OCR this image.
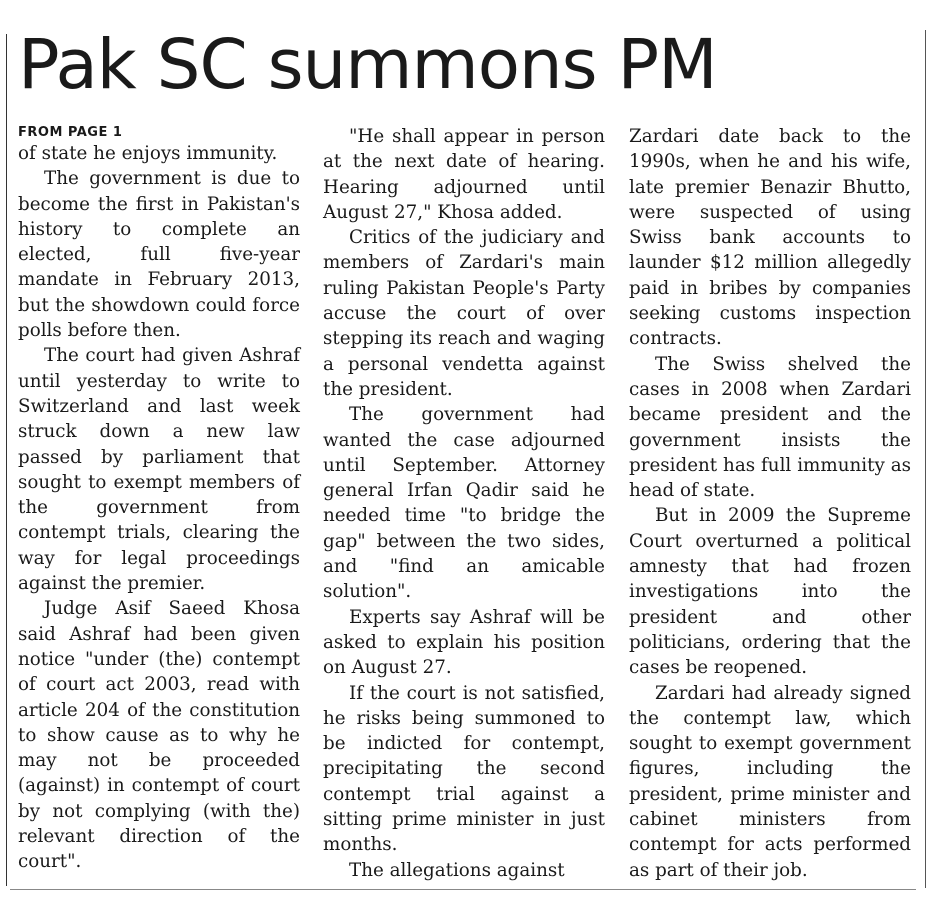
Pak SC summons PM
FROM PAGE 1

of state he enjoys immunity.

The government is due to become the first in Pakistan's history to complete an elected, full five-year mandate in February 2013, but the showdown could force polls before then.

The court had given Ashraf until yesterday to write to Switzerland and last week struck down a new law passed by parliament that sought to exempt members of the government from contempt trials, clearing the way for legal proceedings against the premier.

Judge Asif Saeed Khosa said Ashraf had been given notice "under (the) contempt of court act 2003, read with article 204 of the constitution to show cause as to why he may not be proceeded (against) in contempt of court by not complying (with the) relevant direction of the court".

"He shall appear in person at the next date of hearing. Hearing adjourned until August 27," Khosa added.

Critics of the judiciary and members of Zardari's main ruling Pakistan People's Party accuse the court of over stepping its reach and waging a personal vendetta against the president.

The government had wanted the case adjourned until September. Attorney general Irfan Qadir said he needed time "to bridge the gap" between the two sides, and "find an amicable solution".

Experts say Ashraf will be asked to explain his position on August 27.

If the court is not satisfied, he risks being summoned to be indicted for contempt, precipitating the second contempt trial against a sitting prime minister in just months.

The allegations against

Zardari date back to the 1990s, when he and his wife, late premier Benazir Bhutto, were suspected of using Swiss bank accounts to launder $12 million allegedly paid in bribes by companies seeking customs inspection contracts.

The Swiss shelved the cases in 2008 when Zardari became president and the government insists the president has full immunity as head of state.

But in 2009 the Supreme Court overturned a political amnesty that had frozen investigations into the president and other politicians, ordering that the cases be reopened.

Zardari had already signed the contempt law, which sought to exempt government figures, including the president, prime minister and cabinet ministers from contempt for acts performed as part of their job.
